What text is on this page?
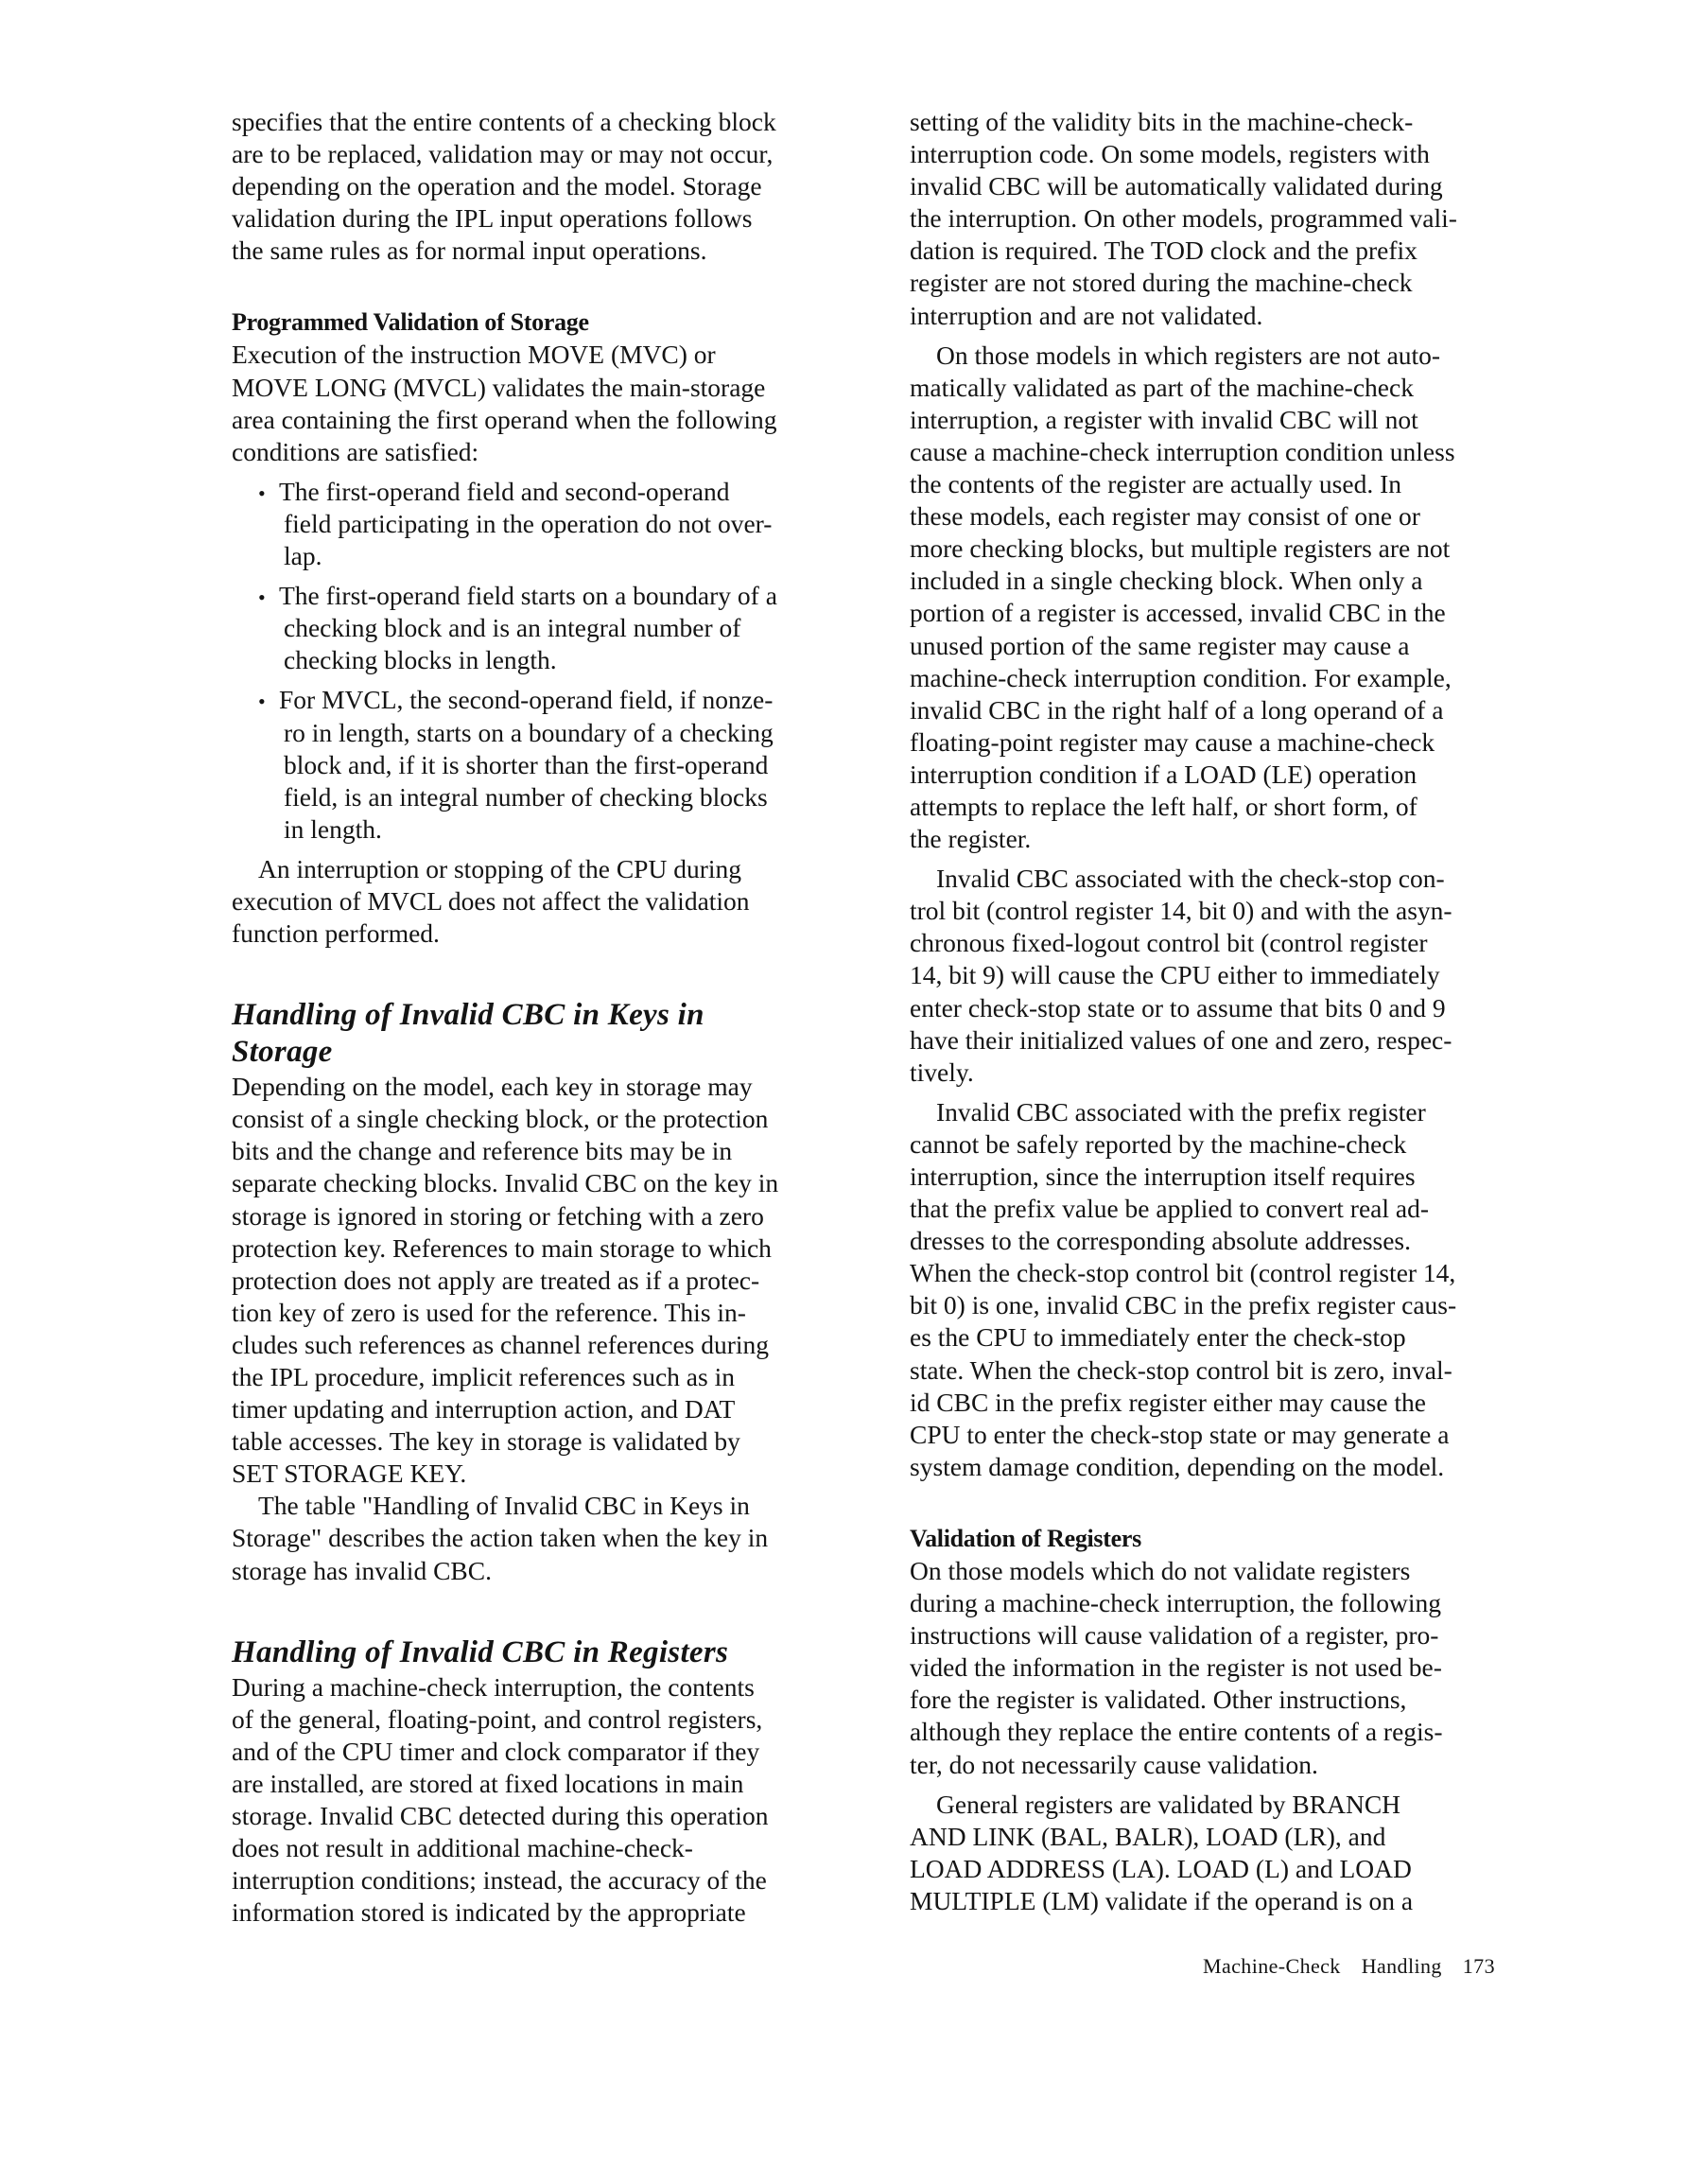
specifies that the entire contents of a checking block
are to be replaced, validation may or may not occur,
depending on the operation and the model. Storage
validation during the IPL input operations follows
the same rules as for normal input operations.
Programmed Validation of Storage
Execution of the instruction MOVE (MVC) or
MOVE LONG (MVCL) validates the main-storage
area containing the first operand when the following
conditions are satisfied:
• The first-operand field and second-operand
field participating in the operation do not over-
lap.
• The first-operand field starts on a boundary of a
checking block and is an integral number of
checking blocks in length.
• For MVCL, the second-operand field, if nonze-
ro in length, starts on a boundary of a checking
block and, if it is shorter than the first-operand
field, is an integral number of checking blocks
in length.
An interruption or stopping of the CPU during
execution of MVCL does not affect the validation
function performed.
Handling of Invalid CBC in Keys in
Storage
Depending on the model, each key in storage may
consist of a single checking block, or the protection
bits and the change and reference bits may be in
separate checking blocks. Invalid CBC on the key in
storage is ignored in storing or fetching with a zero
protection key. References to main storage to which
protection does not apply are treated as if a protec-
tion key of zero is used for the reference. This in-
cludes such references as channel references during
the IPL procedure, implicit references such as in
timer updating and interruption action, and DAT
table accesses. The key in storage is validated by
SET STORAGE KEY.
The table "Handling of Invalid CBC in Keys in
Storage" describes the action taken when the key in
storage has invalid CBC.
Handling of Invalid CBC in Registers
During a machine-check interruption, the contents
of the general, floating-point, and control registers,
and of the CPU timer and clock comparator if they
are installed, are stored at fixed locations in main
storage. Invalid CBC detected during this operation
does not result in additional machine-check-
interruption conditions; instead, the accuracy of the
information stored is indicated by the appropriate
setting of the validity bits in the machine-check-
interruption code. On some models, registers with
invalid CBC will be automatically validated during
the interruption. On other models, programmed vali-
dation is required. The TOD clock and the prefix
register are not stored during the machine-check
interruption and are not validated.
On those models in which registers are not auto-
matically validated as part of the machine-check
interruption, a register with invalid CBC will not
cause a machine-check interruption condition unless
the contents of the register are actually used. In
these models, each register may consist of one or
more checking blocks, but multiple registers are not
included in a single checking block. When only a
portion of a register is accessed, invalid CBC in the
unused portion of the same register may cause a
machine-check interruption condition. For example,
invalid CBC in the right half of a long operand of a
floating-point register may cause a machine-check
interruption condition if a LOAD (LE) operation
attempts to replace the left half, or short form, of
the register.
Invalid CBC associated with the check-stop con-
trol bit (control register 14, bit 0) and with the asyn-
chronous fixed-logout control bit (control register
14, bit 9) will cause the CPU either to immediately
enter check-stop state or to assume that bits 0 and 9
have their initialized values of one and zero, respec-
tively.
Invalid CBC associated with the prefix register
cannot be safely reported by the machine-check
interruption, since the interruption itself requires
that the prefix value be applied to convert real ad-
dresses to the corresponding absolute addresses.
When the check-stop control bit (control register 14,
bit 0) is one, invalid CBC in the prefix register caus-
es the CPU to immediately enter the check-stop
state. When the check-stop control bit is zero, inval-
id CBC in the prefix register either may cause the
CPU to enter the check-stop state or may generate a
system damage condition, depending on the model.
Validation of Registers
On those models which do not validate registers
during a machine-check interruption, the following
instructions will cause validation of a register, pro-
vided the information in the register is not used be-
fore the register is validated. Other instructions,
although they replace the entire contents of a regis-
ter, do not necessarily cause validation.
General registers are validated by BRANCH
AND LINK (BAL, BALR), LOAD (LR), and
LOAD ADDRESS (LA). LOAD (L) and LOAD
MULTIPLE (LM) validate if the operand is on a
Machine-Check Handling 173
